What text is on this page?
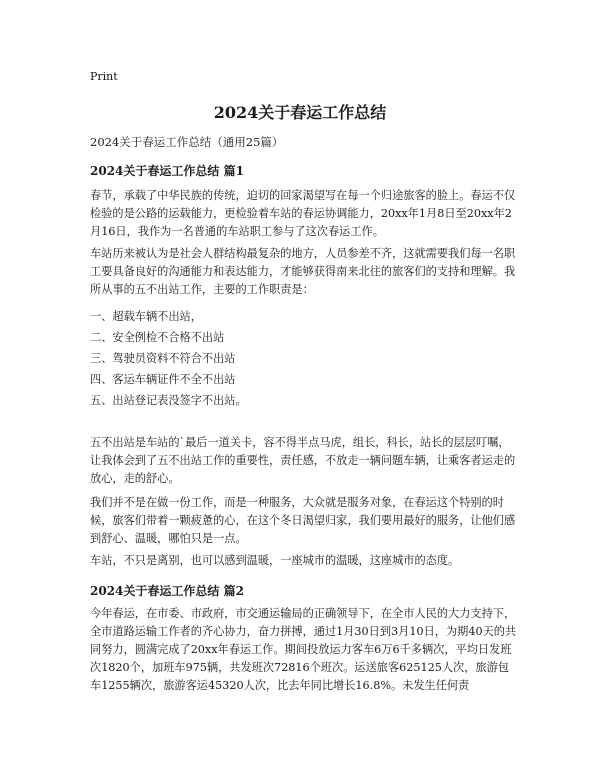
Print
2024关于春运工作总结
2024关于春运工作总结（通用25篇）
2024关于春运工作总结 篇1
春节，承载了中华民族的传统，迫切的回家渴望写在每一个归途旅客的脸上。春运不仅检验的是公路的运载能力，更检验着车站的春运协调能力，20xx年1月8日至20xx年2月16日，我作为一名普通的车站职工参与了这次春运工作。
车站历来被认为是社会人群结构最复杂的地方，人员参差不齐，这就需要我们每一名职工要具备良好的沟通能力和表达能力，才能够获得南来北往的旅客们的支持和理解。我所从事的五不出站工作，主要的工作职责是：
一、超载车辆不出站，
二、安全例检不合格不出站
三、驾驶员资料不符合不出站
四、客运车辆证件不全不出站
五、出站登记表没签字不出站。
五不出站是车站的`最后一道关卡，容不得半点马虎，组长，科长，站长的层层叮嘱，让我体会到了五不出站工作的重要性，责任感，不放走一辆问题车辆，让乘客者运走的放心，走的舒心。
我们并不是在做一份工作，而是一种服务，大众就是服务对象，在春运这个特别的时候，旅客们带着一颗疲惫的心，在这个冬日渴望归家，我们要用最好的服务，让他们感到舒心、温暖，哪怕只是一点。
车站，不只是离别，也可以感到温暖，一座城市的温暖，这座城市的态度。
2024关于春运工作总结 篇2
今年春运，在市委、市政府，市交通运输局的正确领导下，在全市人民的大力支持下，全市道路运输工作者的齐心协力，奋力拼搏，通过1月30日到3月10日，为期40天的共同努力，圆满完成了20xx年春运工作。期间投放运力客车6万6千多辆次，平均日发班次1820个，加班车975辆，共发班次72816个班次。运送旅客625125人次，旅游包车1255辆次，旅游客运45320人次，比去年同比增长16.8%。未发生任何责
